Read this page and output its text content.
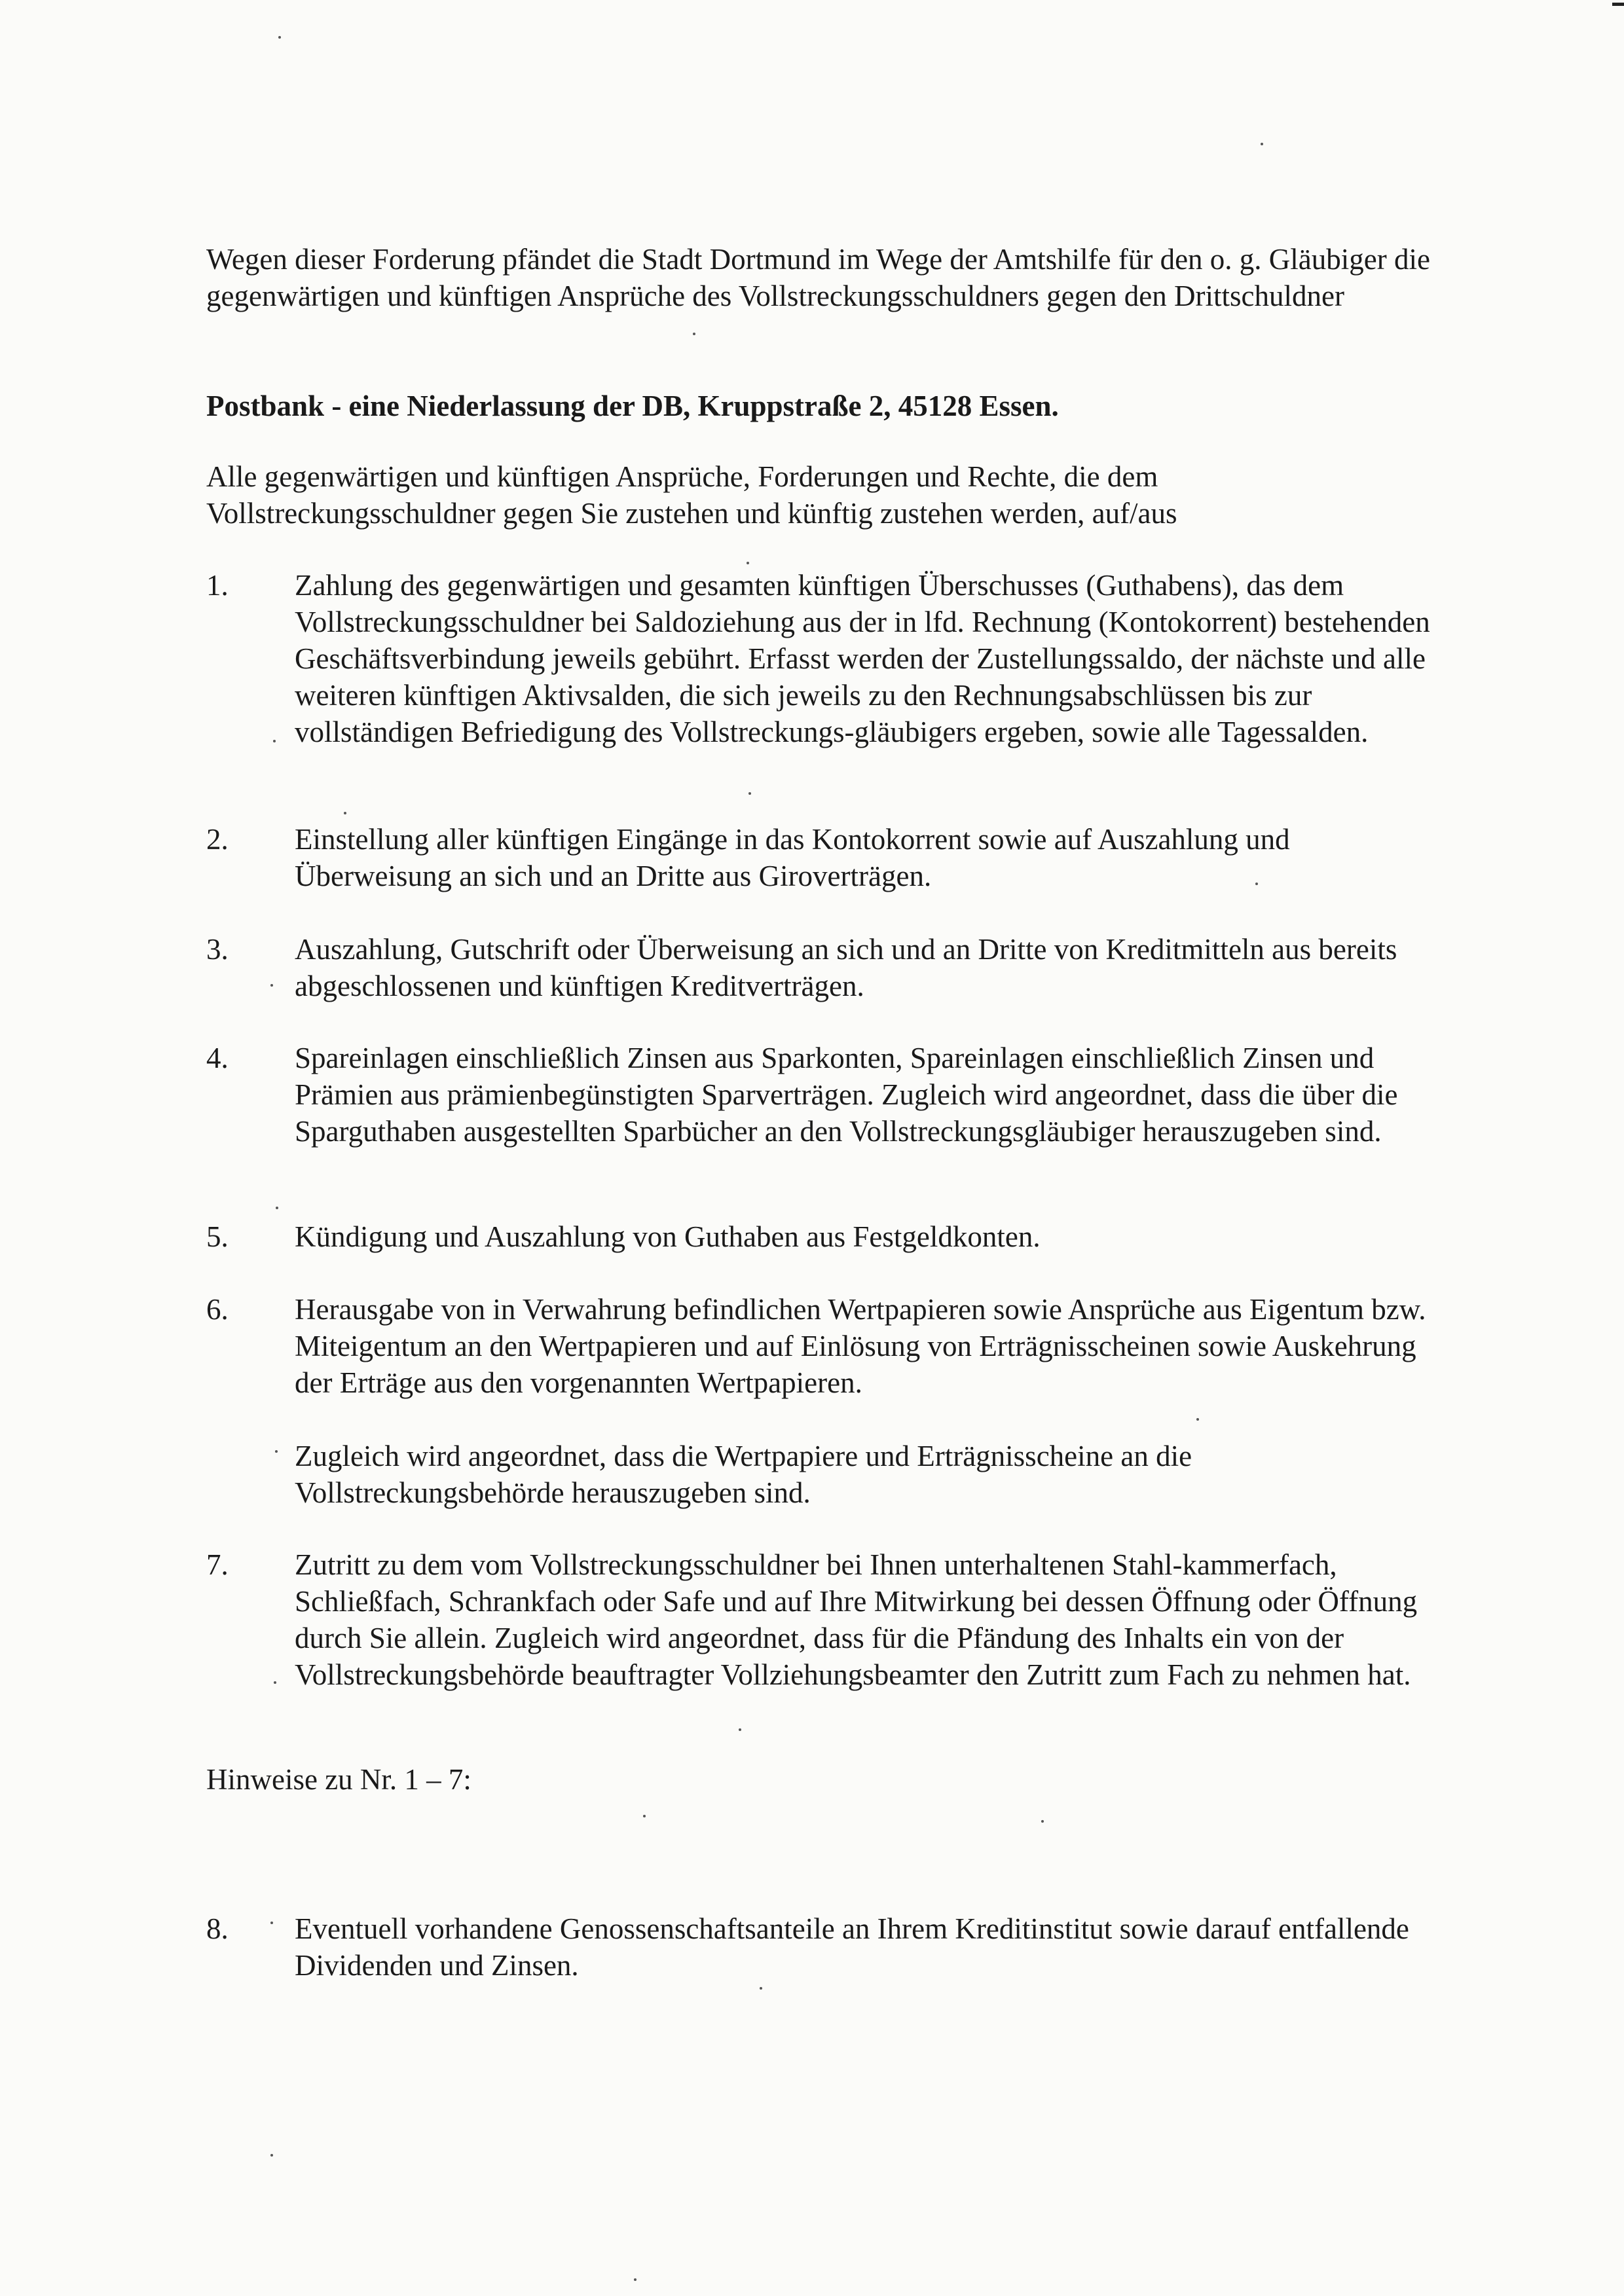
Wegen dieser Forderung pfändet die Stadt Dortmund im Wege der Amtshilfe für den o. g. Gläubiger die gegenwärtigen und künftigen Ansprüche des Vollstreckungsschuldners gegen den Drittschuldner

Postbank - eine Niederlassung der DB, Kruppstraße 2, 45128 Essen.

Alle gegenwärtigen und künftigen Ansprüche, Forderungen und Rechte, die dem Vollstreckungsschuldner gegen Sie zustehen und künftig zustehen werden, auf/aus

1.	Zahlung des gegenwärtigen und gesamten künftigen Überschusses (Guthabens), das dem Vollstreckungsschuldner bei Saldoziehung aus der in lfd. Rechnung (Kontokorrent) bestehenden Geschäftsverbindung jeweils gebührt. Erfasst werden der Zustellungssaldo, der nächste und alle weiteren künftigen Aktivsalden, die sich jeweils zu den Rechnungsabschlüssen bis zur vollständigen Befriedigung des Vollstreckungs-gläubigers ergeben, sowie alle Tagessalden.
2.	Einstellung aller künftigen Eingänge in das Kontokorrent sowie auf Auszahlung und Überweisung an sich und an Dritte aus Giroverträgen.
3.	Auszahlung, Gutschrift oder Überweisung an sich und an Dritte von Kreditmitteln aus bereits abgeschlossenen und künftigen Kreditverträgen.
4.	Spareinlagen einschließlich Zinsen aus Sparkonten, Spareinlagen einschließlich Zinsen und Prämien aus prämienbegünstigten Sparverträgen. Zugleich wird angeordnet, dass die über die Sparguthaben ausgestellten Sparbücher an den Vollstreckungsgläubiger herauszugeben sind.
5.	Kündigung und Auszahlung von Guthaben aus Festgeldkonten.
6.	Herausgabe von in Verwahrung befindlichen Wertpapieren sowie Ansprüche aus Eigentum bzw. Miteigentum an den Wertpapieren und auf Einlösung von Erträgnisscheinen sowie Auskehrung der Erträge aus den vorgenannten Wertpapieren.
Zugleich wird angeordnet, dass die Wertpapiere und Erträgnisscheine an die Vollstreckungsbehörde herauszugeben sind.
7.	Zutritt zu dem vom Vollstreckungsschuldner bei Ihnen unterhaltenen Stahl-kammerfach, Schließfach, Schrankfach oder Safe und auf Ihre Mitwirkung bei dessen Öffnung oder Öffnung durch Sie allein. Zugleich wird angeordnet, dass für die Pfändung des Inhalts ein von der Vollstreckungsbehörde beauftragter Vollziehungsbeamter den Zutritt zum Fach zu nehmen hat.

Hinweise zu Nr. 1 – 7:

8.	Eventuell vorhandene Genossenschaftsanteile an Ihrem Kreditinstitut sowie darauf entfallende Dividenden und Zinsen.
